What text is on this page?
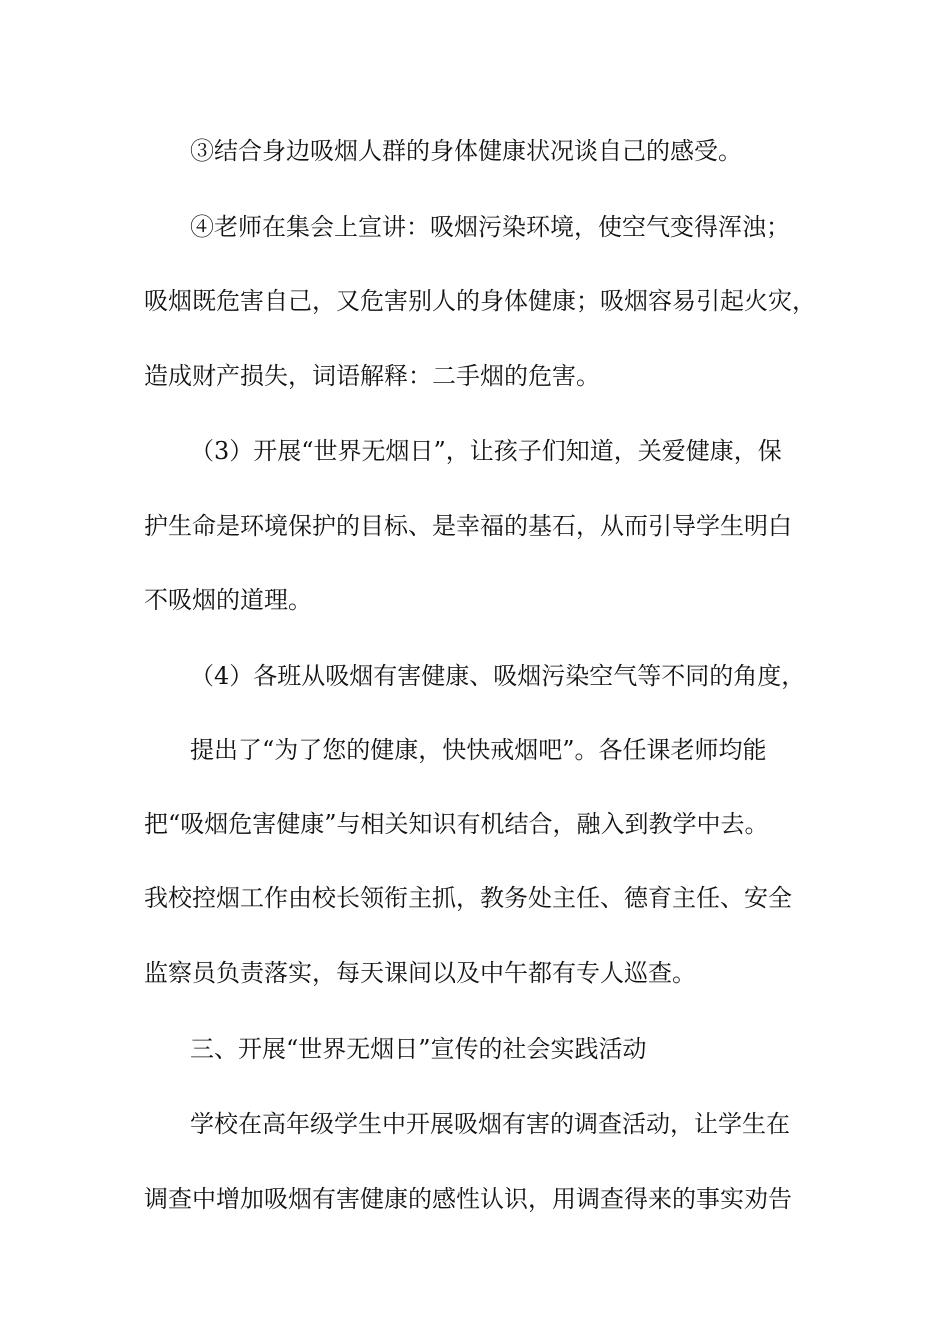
③结合身边吸烟人群的身体健康状况谈自己的感受。
④老师在集会上宣讲：吸烟污染环境，使空气变得浑浊；
吸烟既危害自己，又危害别人的身体健康；吸烟容易引起火灾，
造成财产损失，词语解释：二手烟的危害。
（3）开展“世界无烟日”，让孩子们知道，关爱健康，保
护生命是环境保护的目标、是幸福的基石，从而引导学生明白
不吸烟的道理。
（4）各班从吸烟有害健康、吸烟污染空气等不同的角度，
提出了“为了您的健康，快快戒烟吧”。各任课老师均能
把“吸烟危害健康”与相关知识有机结合，融入到教学中去。
我校控烟工作由校长领衔主抓，教务处主任、德育主任、安全
监察员负责落实，每天课间以及中午都有专人巡查。
三、开展“世界无烟日”宣传的社会实践活动
学校在高年级学生中开展吸烟有害的调查活动，让学生在
调查中增加吸烟有害健康的感性认识，用调查得来的事实劝告
